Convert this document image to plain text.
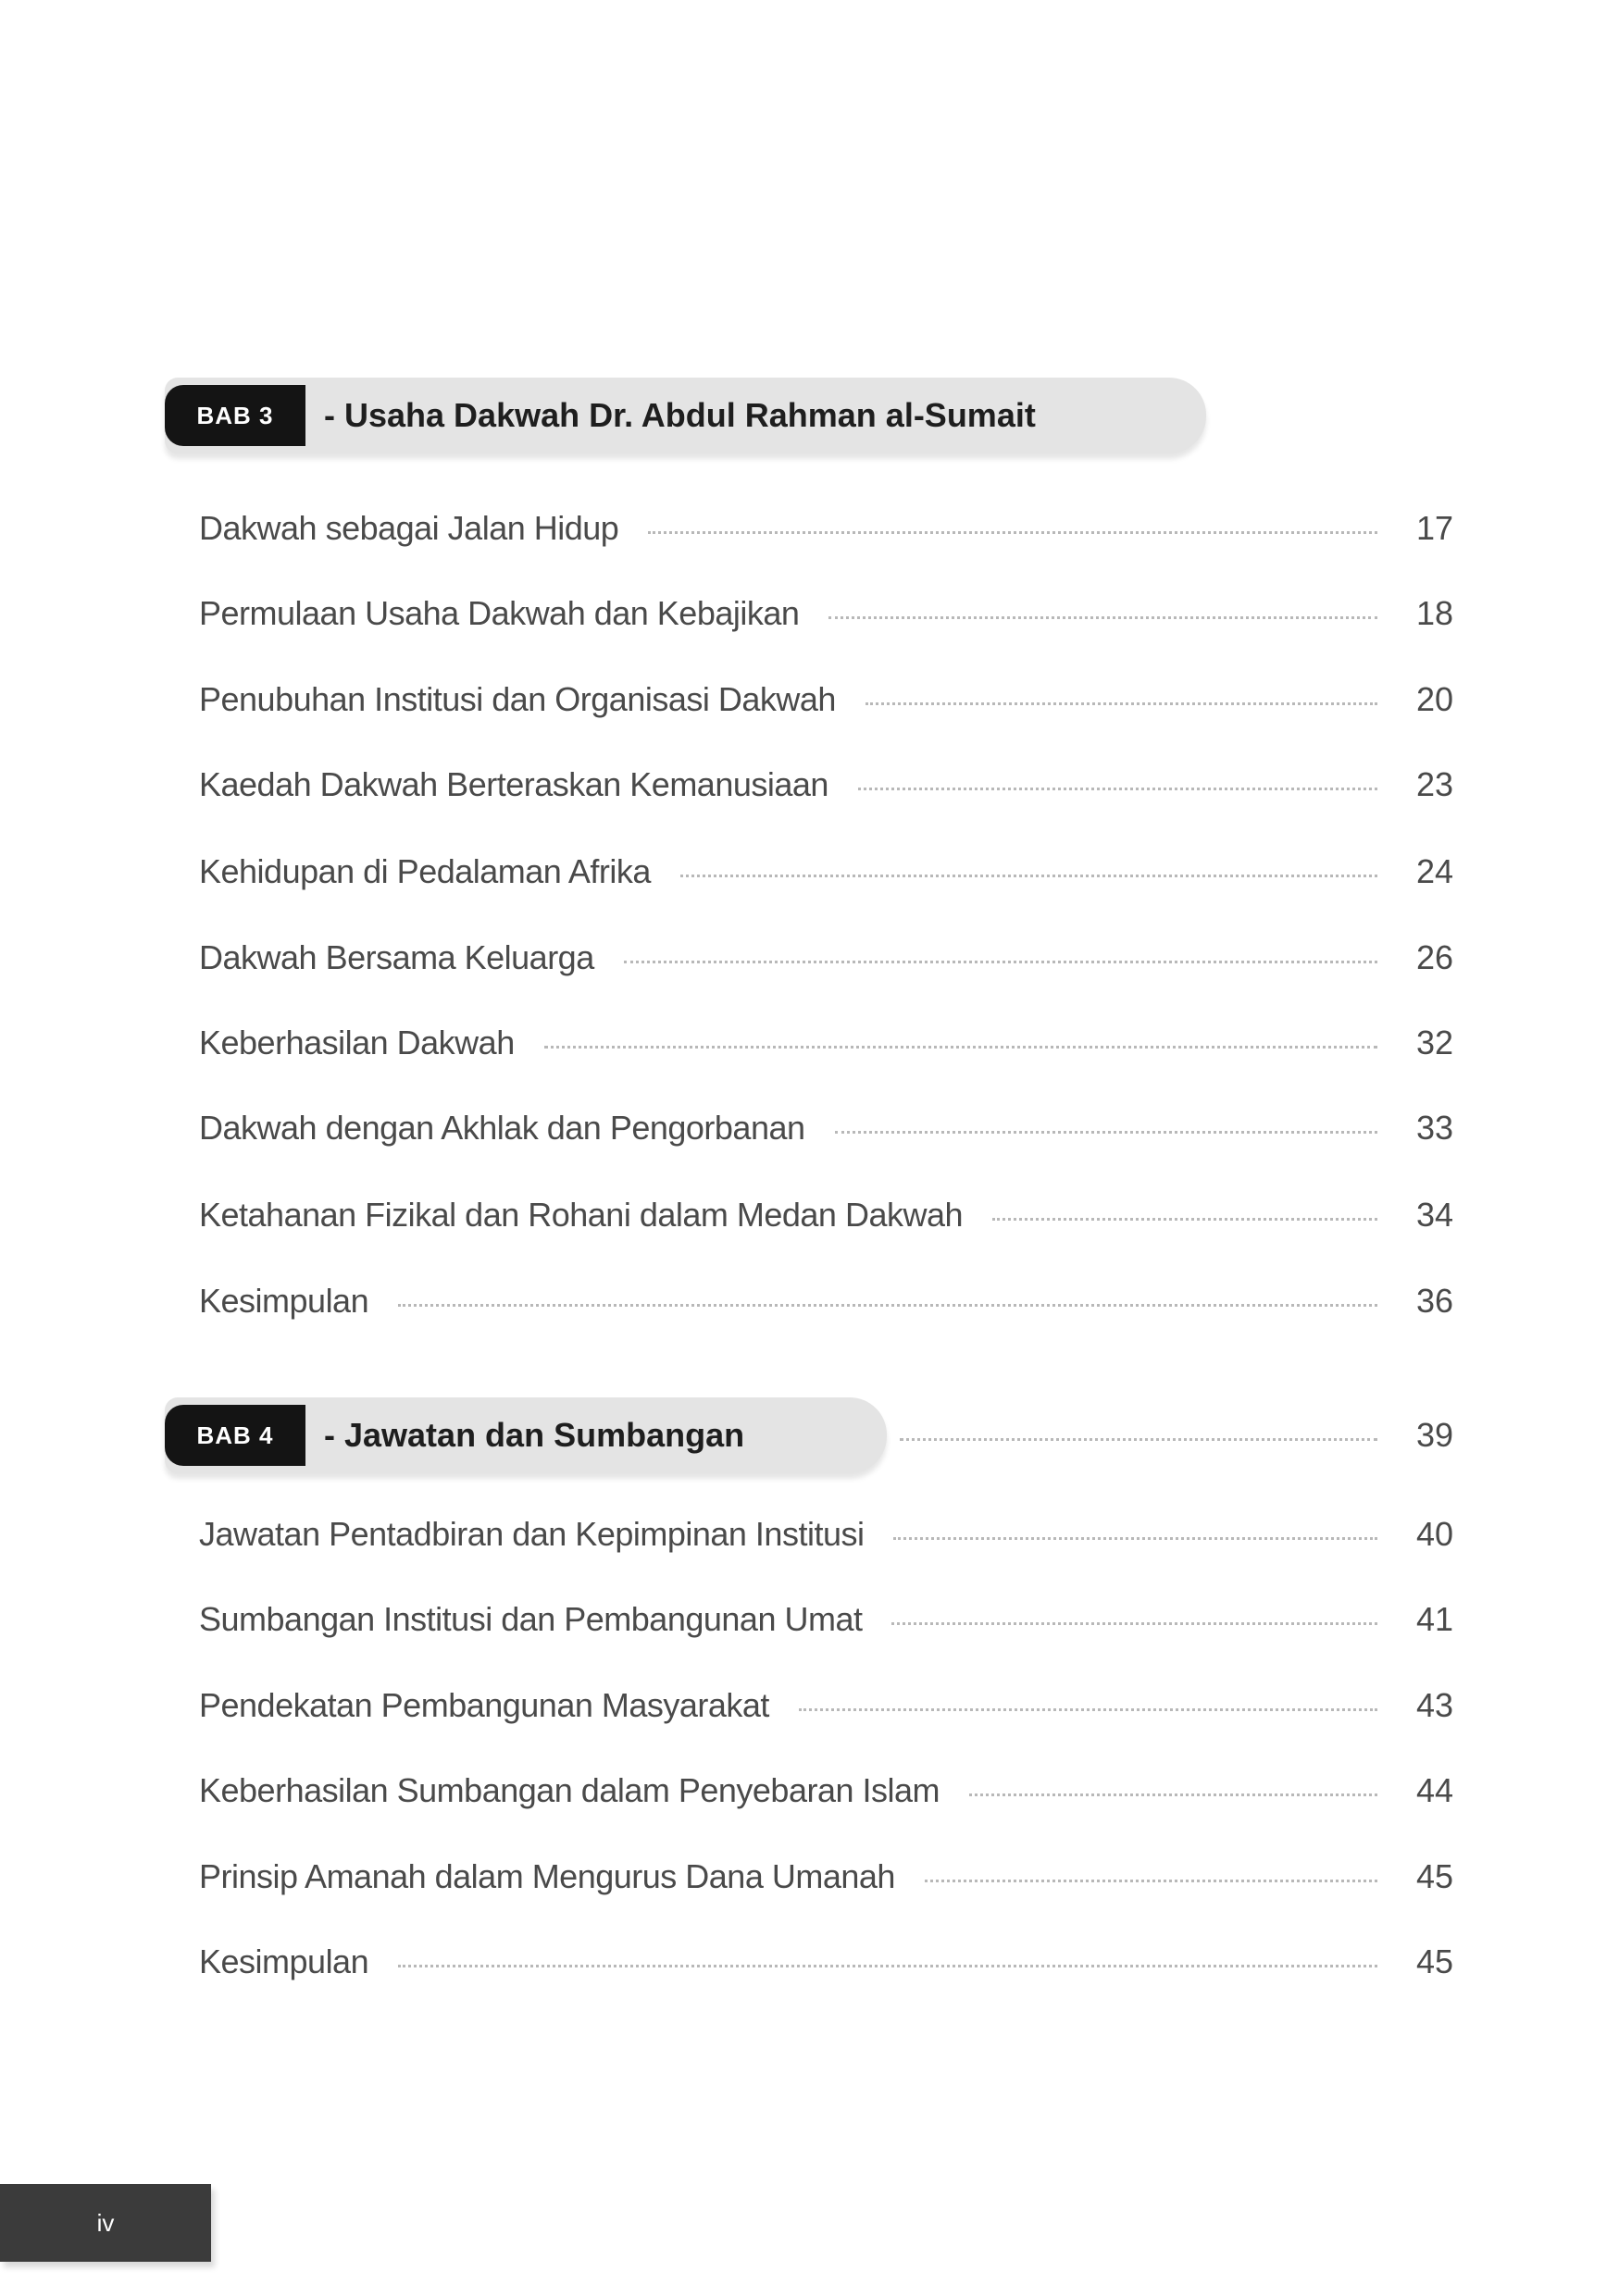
BAB 3	- Usaha Dakwah Dr. Abdul Rahman al-Sumait
Dakwah sebagai Jalan Hidup	17
Permulaan Usaha Dakwah dan Kebajikan	18
Penubuhan Institusi dan Organisasi Dakwah	20
Kaedah Dakwah Berteraskan Kemanusiaan	23
Kehidupan di Pedalaman Afrika	24
Dakwah Bersama Keluarga	26
Keberhasilan Dakwah	32
Dakwah dengan Akhlak dan Pengorbanan	33
Ketahanan Fizikal dan Rohani dalam Medan Dakwah	34
Kesimpulan	36
BAB 4	- Jawatan dan Sumbangan	39
Jawatan Pentadbiran dan Kepimpinan Institusi	40
Sumbangan Institusi dan Pembangunan Umat	41
Pendekatan Pembangunan Masyarakat	43
Keberhasilan Sumbangan dalam Penyebaran Islam	44
Prinsip Amanah dalam Mengurus Dana Umanah	45
Kesimpulan	45
iv
